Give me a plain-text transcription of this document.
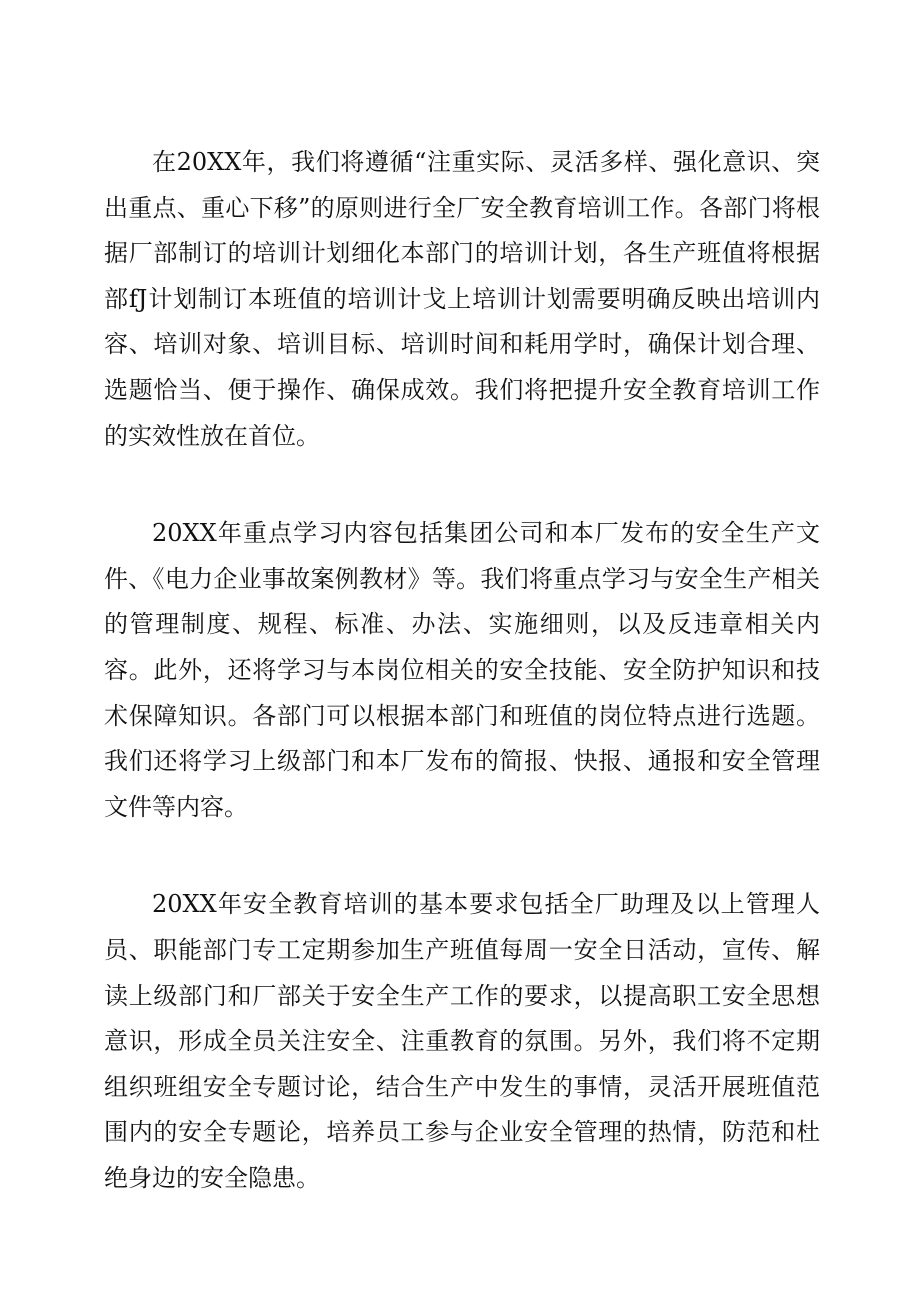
在20XX年，我们将遵循“注重实际、灵活多样、强化意识、突出重点、重心下移”的原则进行全厂安全教育培训工作。各部门将根据厂部制订的培训计划细化本部门的培训计划，各生产班值将根据部fJ计划制订本班值的培训计戈上培训计划需要明确反映出培训内容、培训对象、培训目标、培训时间和耗用学时，确保计划合理、选题恰当、便于操作、确保成效。我们将把提升安全教育培训工作的实效性放在首位。

20XX年重点学习内容包括集团公司和本厂发布的安全生产文件、《电力企业事故案例教材》等。我们将重点学习与安全生产相关的管理制度、规程、标准、办法、实施细则，以及反违章相关内容。此外，还将学习与本岗位相关的安全技能、安全防护知识和技术保障知识。各部门可以根据本部门和班值的岗位特点进行选题。我们还将学习上级部门和本厂发布的简报、快报、通报和安全管理文件等内容。

20XX年安全教育培训的基本要求包括全厂助理及以上管理人员、职能部门专工定期参加生产班值每周一安全日活动，宣传、解读上级部门和厂部关于安全生产工作的要求，以提高职工安全思想意识，形成全员关注安全、注重教育的氛围。另外，我们将不定期组织班组安全专题讨论，结合生产中发生的事情，灵活开展班值范围内的安全专题论，培养员工参与企业安全管理的热情，防范和杜绝身边的安全隐患。
